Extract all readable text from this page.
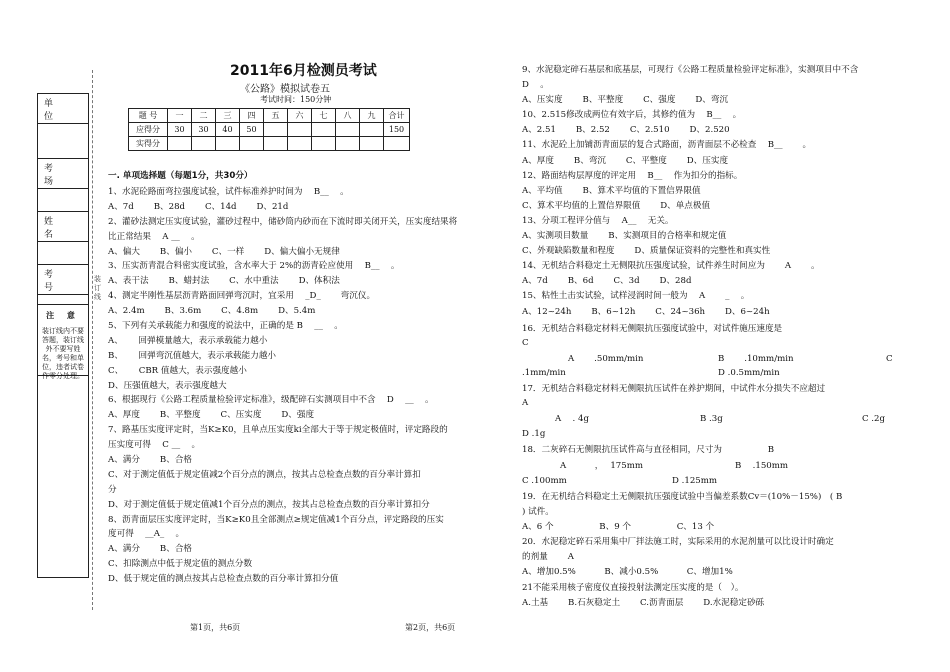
单 位
考 场
姓 名
考 号
注 意
装订线内不要答题，装订线外不要写姓名，考号和单位，违者试卷作零分处理。
装订线
2011年6月检测员考试
《公路》模拟试卷五
考试时间：150分钟
题 号	一	二	三	四	五	六	七	八	九	合计
应得分	30	30	40	50						150
实得分										
一. 单项选择题（每题1分，共30分）
1、水泥砼路面弯拉强度试验，试件标准养护时间为　 B__　 。
A、7d　　 B、28d　　 C、14d　　 D、21d
2、灌砂法测定压实度试验，灌砂过程中，储砂筒内砂而在下流时即关闭开关，压实度结果将
比正常结果　 A __　 。
A、偏大　　 B、偏小　　 C、一样　　 D、偏大偏小无规律
3、压实沥青混合料密实度试验，含水率大于 2%的沥青砼应使用　 B__　 。
A、表干法　　 B、蜡封法　　 C、水中重法　　 D、体积法
4、测定半刚性基层沥青路面回弹弯沉时，宜采用　 _D_　　 弯沉仪。
A、2.4m　　 B、3.6m　　 C、4.8m　　 D、5.4m
5、下列有关承载能力和强度的说法中，正确的是 B　 __　 。
A、　　 回弹模量越大，表示承载能力越小
B、　　 回弹弯沉值越大，表示承载能力越小
C、　　 CBR 值越大，表示强度越小
D、压强值越大，表示强度越大
6、根据现行《公路工程质量检验评定标准》，级配碎石实测项目中不含　 D　 __　 。
A、厚度　　 B、平整度　　 C、压实度　　 D、强度
7、路基压实度评定时，当K≥K0，且单点压实度ki全部大于等于规定极值时，评定路段的
压实度可得　 C __　 。
A、满分　　 B、合格
C、对于测定值低于规定值减2个百分点的测点，按其占总检查点数的百分率计算扣
分
D、对于测定值低于规定值减1个百分点的测点，按其占总检查点数的百分率计算扣分
8、沥青面层压实度评定时，当K≥K0且全部测点≥规定值减1个百分点，评定路段的压实
度可得　 __A_　 。
A、满分　　 B、合格
C、扣除测点中低于规定值的测点分数
D、低于规定值的测点按其占总检查点数的百分率计算扣分值
9、水泥稳定碎石基层和底基层，可现行《公路工程质量检验评定标准》，实测项目中不含
D　 。
A、压实度　　 B、平整度　　 C、强度　　 D、弯沉
10、2.515修改成两位有效字后，其修约值为　 B__　 。
A、2.51　　 B、2.52　　 C、2.510　　 D、2.520
11、水泥砼上加铺沥青面层的复合式路面，沥青面层不必检查　 B__　　 。
A、厚度　　 B、弯沉　　 C、平整度　　 D、压实度
12、路面结构层厚度的评定用　 B__　 作为扣分的指标。
A、平均值　　 B、算术平均值的下置信界限值
C、算术平均值的上置信界限值　　 D、单点极值
13、分项工程评分值与　 A__　 无关。
A、实测项目数量　　 B、实测项目的合格率和规定值
C、外观缺陷数量和程度　　 D、质量保证资料的完整性和真实性
14、无机结合料稳定土无侧限抗压强度试验，试件养生时间应为　　 A　　 。
A、7d　　 B、6d　　 C、3d　　 D、28d
15、粘性土击实试验，试样浸润时间一般为　 A　　 _　 。
A、12~24h　　 B、6~12h　　 C、24~36h　　 D、6~24h
16．无机结合料稳定材料无侧限抗压强度试验中，对试件施压速度是
C
A　　 .50mm/min	B　　 .10mm/min	C
.1mm/min	D .0.5mm/min
17．无机结合料稳定材料无侧限抗压试件在养护期间，中试件水分损失不应超过
A
A　 . 4g	B .3g	C .2g
D .1g
18．二灰碎石无侧限抗压试件高与直径相同，尺寸为　　　　　 B
A　　　 ，　 175mm	B　 .150mm
C .100mm	D .125mm
19．在无机结合料稳定土无侧限抗压强度试验中当偏差系数Cv＝(10%－15%)　( B
) 试件。
A、6 个　　　　　 B、9 个　　　　　 C、13 个
20．水泥稳定碎石采用集中厂拌法施工时，实际采用的水泥剂量可以比设计时确定
的剂量　　 A
A、增加0.5%　　　 B、减小0.5%　　　 C、增加1%
21不能采用核子密度仪直接投射法测定压实度的是（　）。
A.土基　　 B.石灰稳定土　　 C.沥青面层　　 D.水泥稳定砂砾
第1页，共6页	第2页，共6页
